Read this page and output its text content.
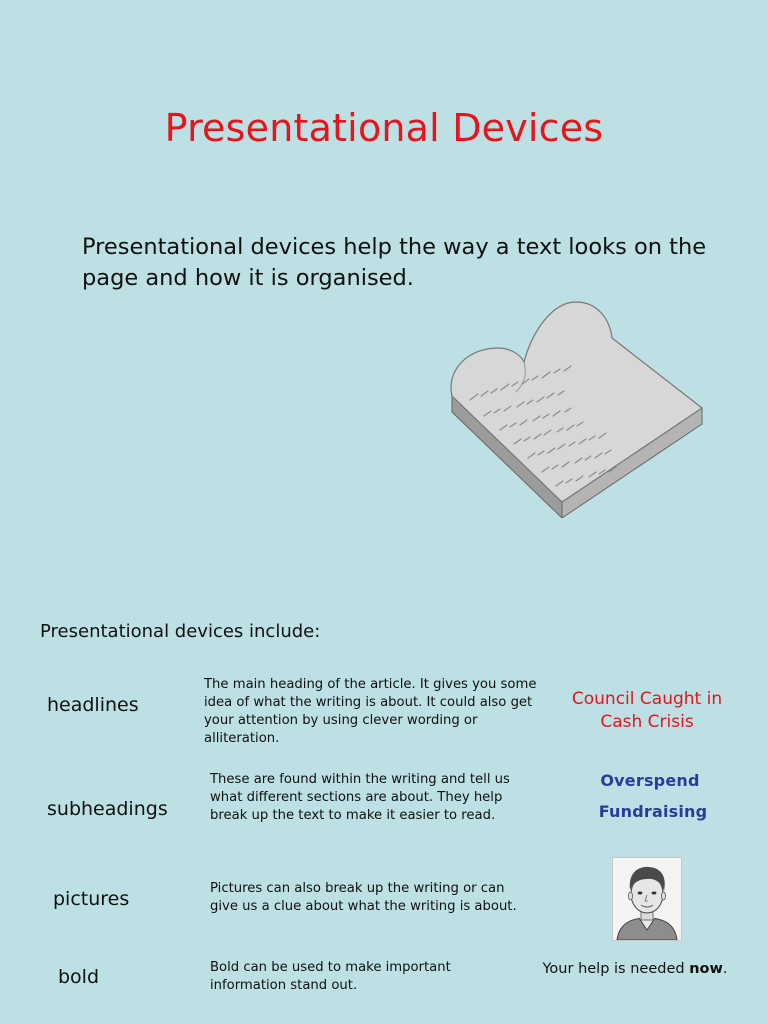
Presentational Devices
Presentational devices help the way a text looks on the page and how it is organised.
Presentational devices include:
headlines
The main heading of the article. It gives you some idea of what the writing is about. It could also get your attention by using clever wording or alliteration.
Council Caught in Cash Crisis
subheadings
These are found within the writing and tell us what different sections are about. They help break up the text to make it easier to read.
Overspend
Fundraising
pictures	Pictures can also break up the writing or can give us a clue about what the writing is about.
bold	Bold can be used to make important information stand out.
Your help is needed now.
